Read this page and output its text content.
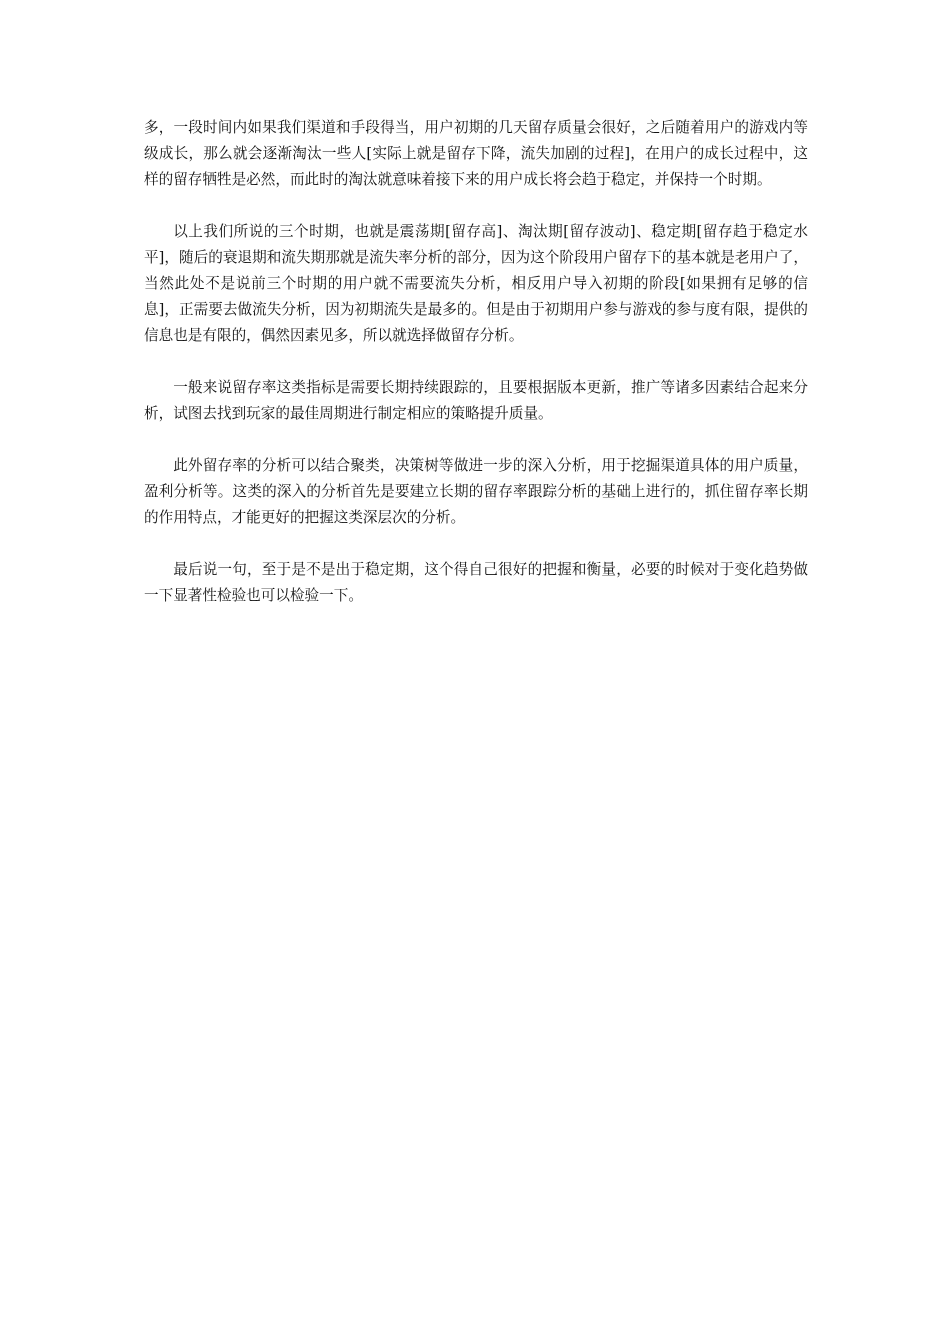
多，一段时间内如果我们渠道和手段得当，用户初期的几天留存质量会很好，之后随着用户的游戏内等级成长，那么就会逐渐淘汰一些人[实际上就是留存下降，流失加剧的过程]，在用户的成长过程中，这样的留存牺牲是必然，而此时的淘汰就意味着接下来的用户成长将会趋于稳定，并保持一个时期。

以上我们所说的三个时期，也就是震荡期[留存高]、淘汰期[留存波动]、稳定期[留存趋于稳定水平]，随后的衰退期和流失期那就是流失率分析的部分，因为这个阶段用户留存下的基本就是老用户了，当然此处不是说前三个时期的用户就不需要流失分析，相反用户导入初期的阶段[如果拥有足够的信息]，正需要去做流失分析，因为初期流失是最多的。但是由于初期用户参与游戏的参与度有限，提供的信息也是有限的，偶然因素见多，所以就选择做留存分析。

一般来说留存率这类指标是需要长期持续跟踪的，且要根据版本更新，推广等诸多因素结合起来分析，试图去找到玩家的最佳周期进行制定相应的策略提升质量。

此外留存率的分析可以结合聚类，决策树等做进一步的深入分析，用于挖掘渠道具体的用户质量，盈利分析等。这类的深入的分析首先是要建立长期的留存率跟踪分析的基础上进行的，抓住留存率长期的作用特点，才能更好的把握这类深层次的分析。

最后说一句，至于是不是出于稳定期，这个得自己很好的把握和衡量，必要的时候对于变化趋势做一下显著性检验也可以检验一下。
